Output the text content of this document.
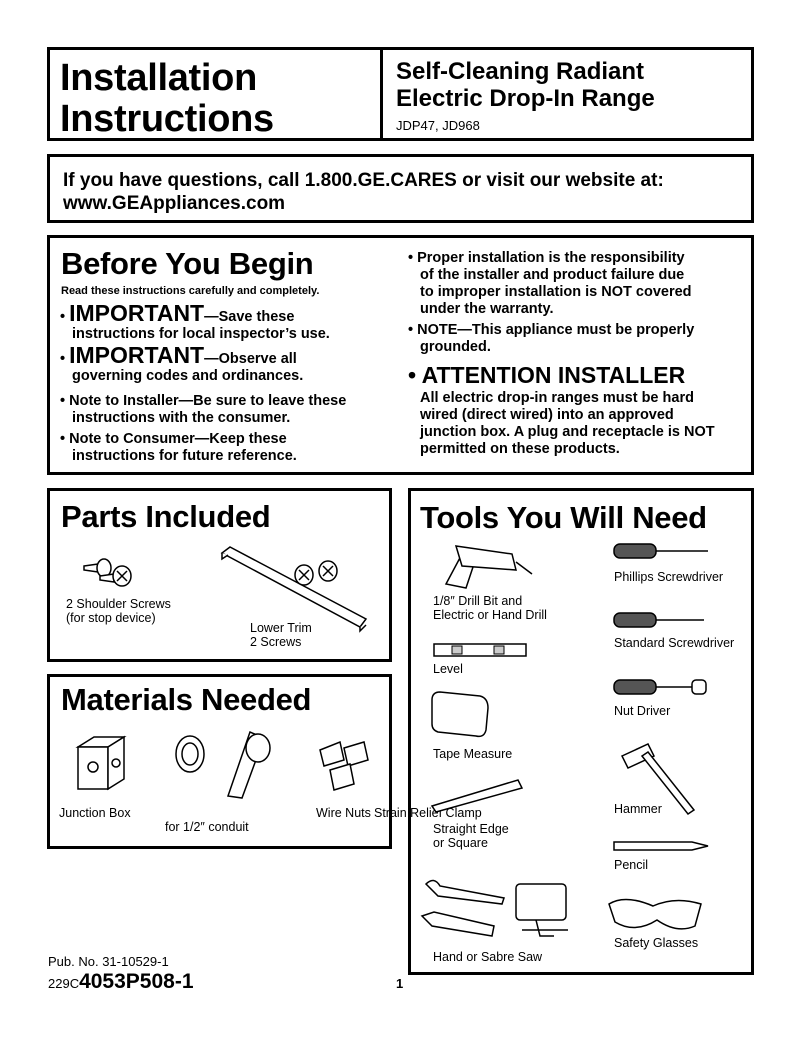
Installation
Instructions
Self-Cleaning Radiant
Electric Drop-In Range
JDP47, JD968
If you have questions, call 1.800.GE.CARES or visit our website at:
www.GEAppliances.com
Before You Begin
Read these instructions carefully and completely.
• IMPORTANT—Save these
instructions for local inspector’s use.
• IMPORTANT—Observe all
governing codes and ordinances.
• Note to Installer—Be sure to leave these
instructions with the consumer.
• Note to Consumer—Keep these
instructions for future reference.
• Proper installation is the responsibility
of the installer and product failure due
to improper installation is NOT covered
under the warranty.
• NOTE—This appliance must be properly
grounded.
• ATTENTION INSTALLER
All electric drop-in ranges must be hard
wired (direct wired) into an approved
junction box. A plug and receptacle is NOT
permitted on these products.
Parts Included
2 Shoulder Screws
(for stop device)
Lower Trim
2 Screws
Materials Needed
Junction Box
for 1/2″ conduit
Wire Nuts Strain Relief Clamp
Tools You Will Need
1/8″ Drill Bit and
Electric or Hand Drill
Phillips Screwdriver
Standard Screwdriver
Level
Nut Driver
Tape Measure
Hammer
Straight Edge
or Square
Pencil
Hand or Sabre Saw
Safety Glasses
Pub. No. 31-10529-1
229C4053P508-1	1
